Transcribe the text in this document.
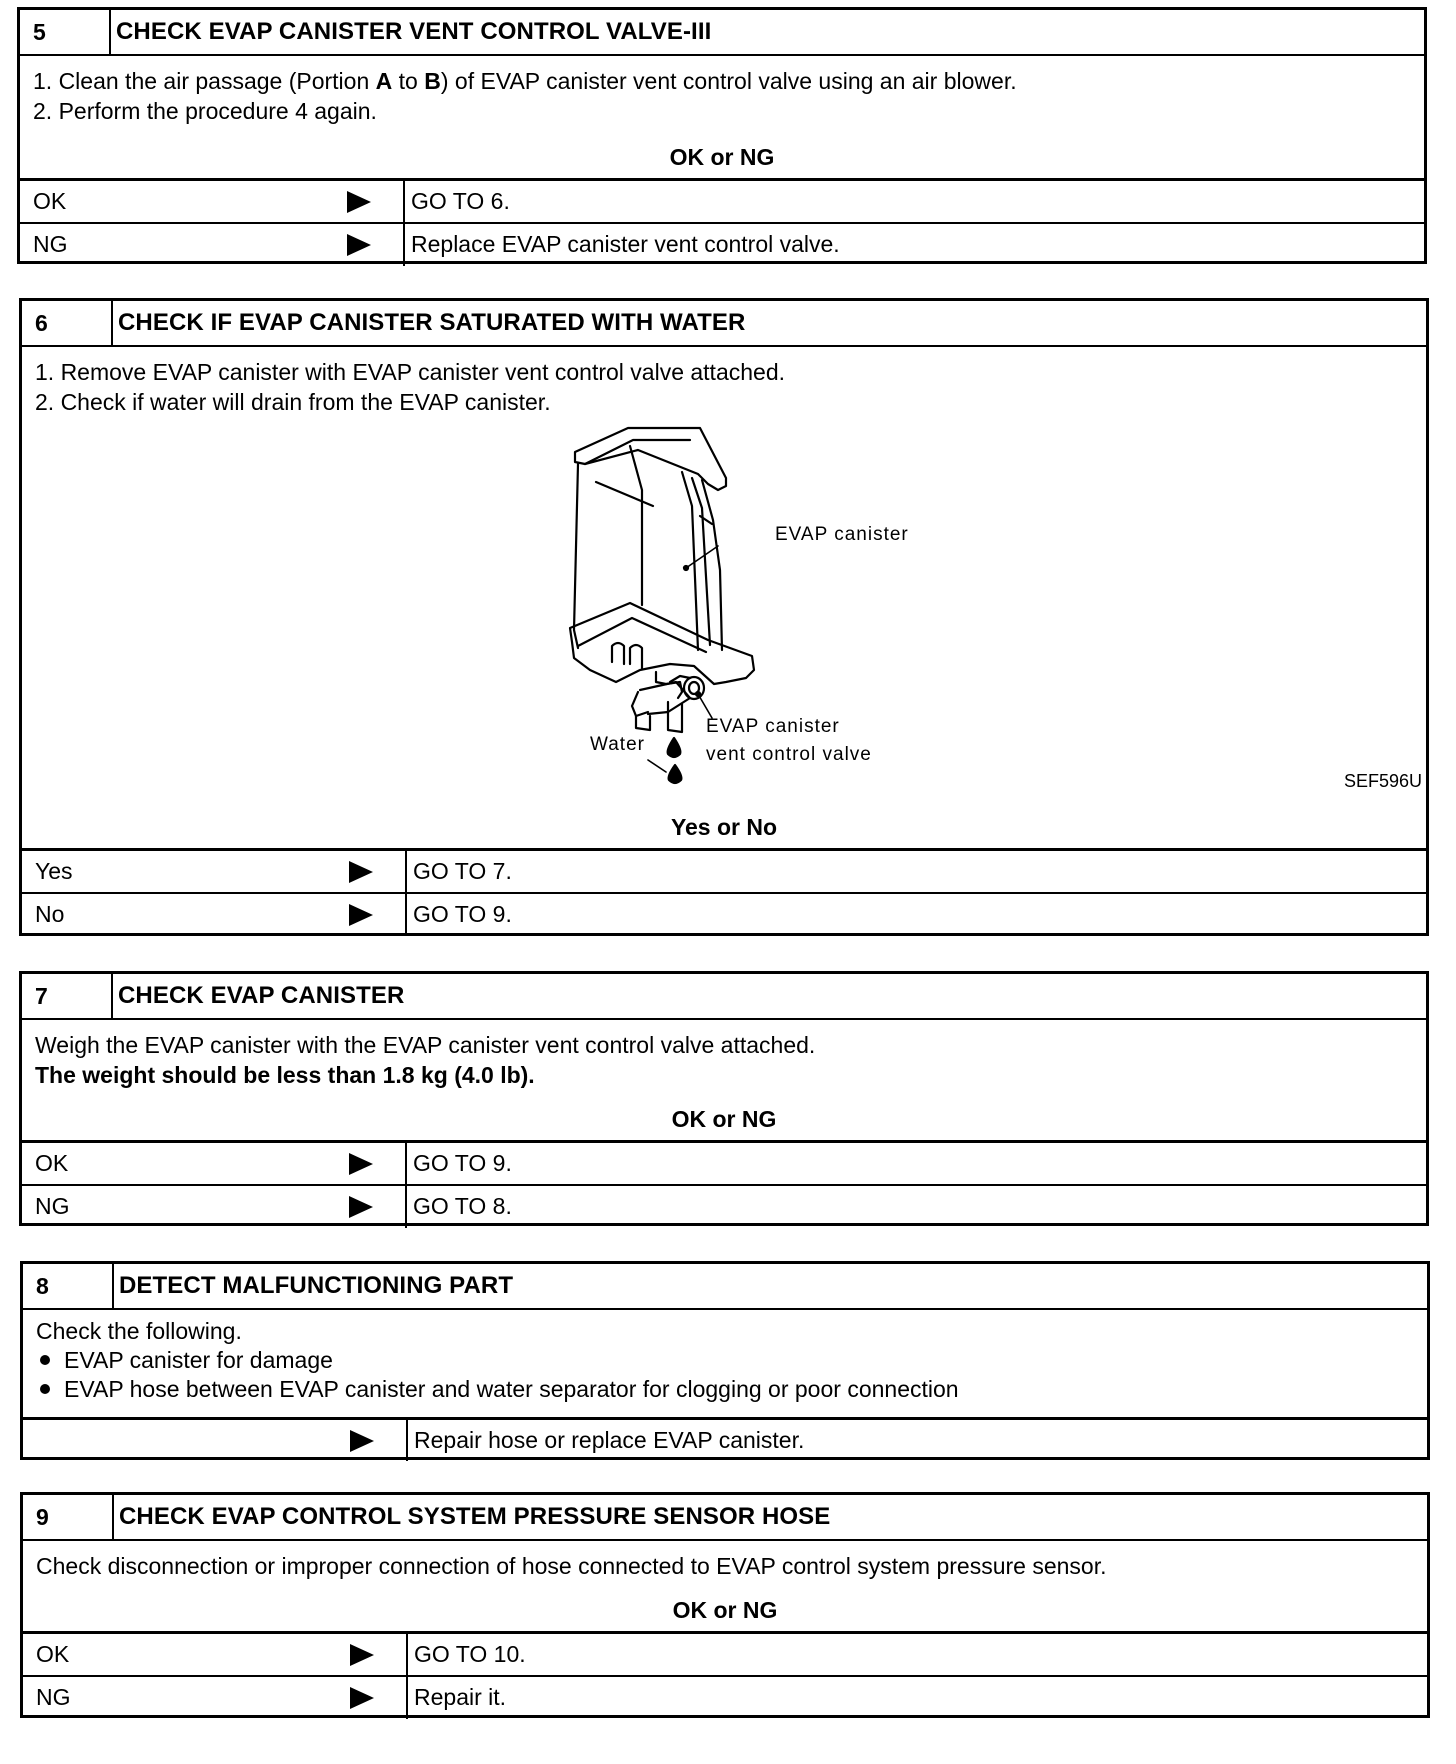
5	CHECK EVAP CANISTER VENT CONTROL VALVE-III
1. Clean the air passage (Portion A to B) of EVAP canister vent control valve using an air blower.
2. Perform the procedure 4 again.
OK or NG
OK	GO TO 6.
NG	Replace EVAP canister vent control valve.
6	CHECK IF EVAP CANISTER SATURATED WITH WATER
1. Remove EVAP canister with EVAP canister vent control valve attached.
2. Check if water will drain from the EVAP canister.
Yes or No
Yes	GO TO 7.
No	GO TO 9.
EVAP canister
EVAP canister
vent control valve
Water
SEF596U
7	CHECK EVAP CANISTER
Weigh the EVAP canister with the EVAP canister vent control valve attached.
The weight should be less than 1.8 kg (4.0 lb).
OK or NG
OK	GO TO 9.
NG	GO TO 8.
8	DETECT MALFUNCTIONING PART
Check the following.
EVAP canister for damage
EVAP hose between EVAP canister and water separator for clogging or poor connection
Repair hose or replace EVAP canister.
9	CHECK EVAP CONTROL SYSTEM PRESSURE SENSOR HOSE
Check disconnection or improper connection of hose connected to EVAP control system pressure sensor.
OK or NG
OK	GO TO 10.
NG	Repair it.
